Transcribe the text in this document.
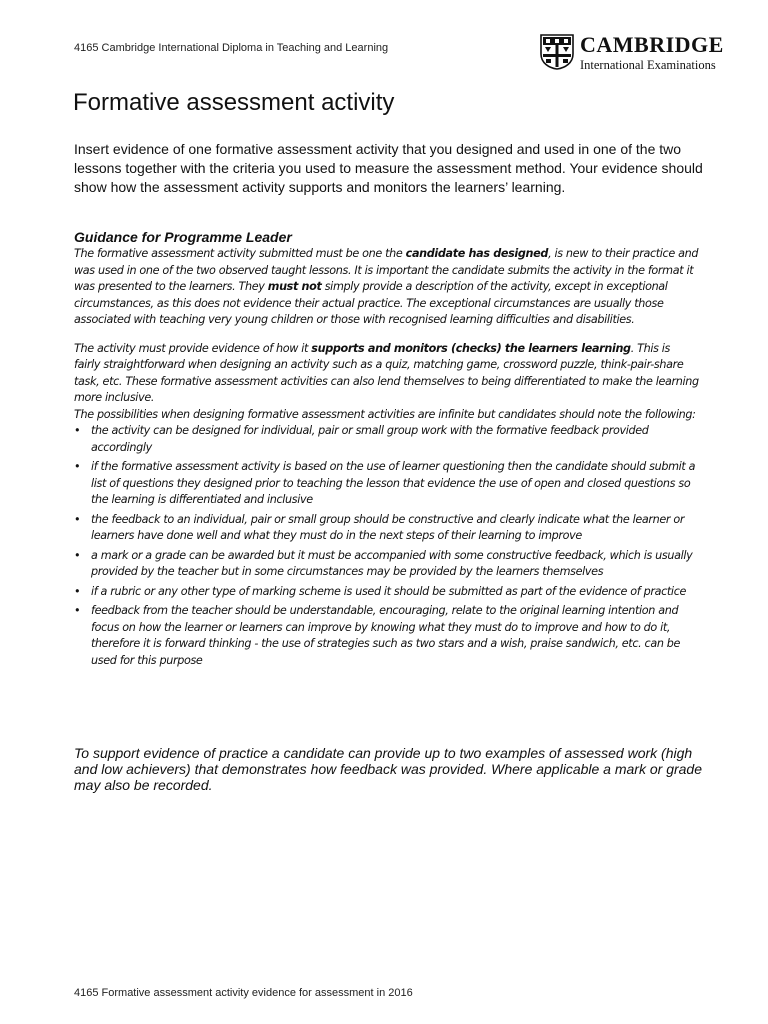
4165 Cambridge International Diploma in Teaching and Learning	CAMBRIDGE
International Examinations
Formative assessment activity

Insert evidence of one formative assessment activity that you designed and used in one of the two lessons together with the criteria you used to measure the assessment method. Your evidence should show how the assessment activity supports and monitors the learners’ learning.

Guidance for Programme Leader

The formative assessment activity submitted must be one the candidate has designed, is new to their practice and was used in one of the two observed taught lessons. It is important the candidate submits the activity in the format it was presented to the learners. They must not simply provide a description of the activity, except in exceptional circumstances, as this does not evidence their actual practice. The exceptional circumstances are usually those associated with teaching very young children or those with recognised learning difficulties and disabilities.

The activity must provide evidence of how it supports and monitors (checks) the learners learning. This is fairly straightforward when designing an activity such as a quiz, matching game, crossword puzzle, think-pair-share task, etc. These formative assessment activities can also lend themselves to being differentiated to make the learning more inclusive.

The possibilities when designing formative assessment activities are infinite but candidates should note the following:

• the activity can be designed for individual, pair or small group work with the formative feedback provided accordingly
• if the formative assessment activity is based on the use of learner questioning then the candidate should submit a list of questions they designed prior to teaching the lesson that evidence the use of open and closed questions so the learning is differentiated and inclusive
• the feedback to an individual, pair or small group should be constructive and clearly indicate what the learner or learners have done well and what they must do in the next steps of their learning to improve
• a mark or a grade can be awarded but it must be accompanied with some constructive feedback, which is usually provided by the teacher but in some circumstances may be provided by the learners themselves
• if a rubric or any other type of marking scheme is used it should be submitted as part of the evidence of practice
• feedback from the teacher should be understandable, encouraging, relate to the original learning intention and focus on how the learner or learners can improve by knowing what they must do to improve and how to do it, therefore it is forward thinking - the use of strategies such as two stars and a wish, praise sandwich, etc. can be used for this purpose

To support evidence of practice a candidate can provide up to two examples of assessed work (high and low achievers) that demonstrates how feedback was provided. Where applicable a mark or grade may also be recorded.

4165 Formative assessment activity evidence for assessment in 2016
